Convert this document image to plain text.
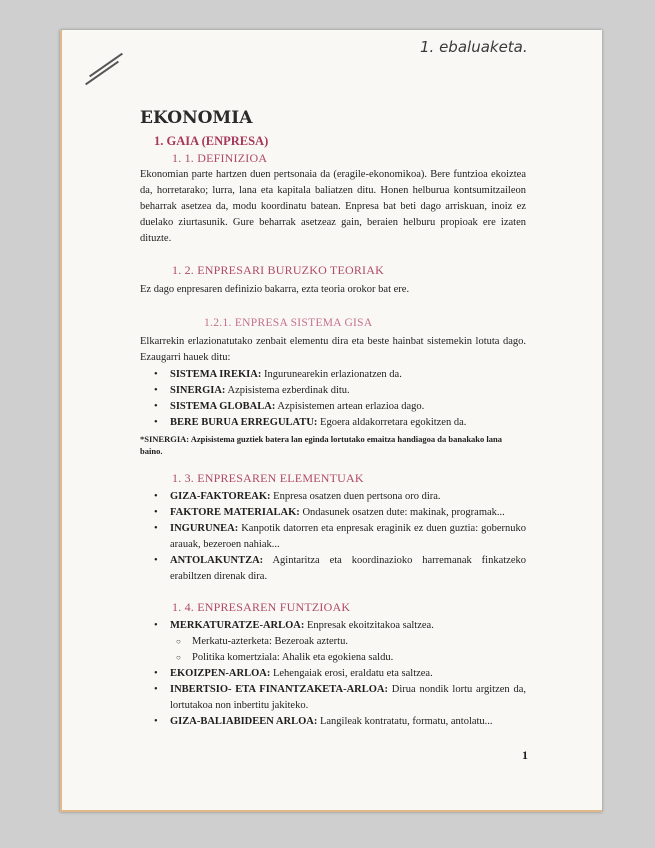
1. ebaluaketa.
EKONOMIA
1. GAIA (ENPRESA)
1. 1. DEFINIZIOA

Ekonomian parte hartzen duen pertsonaia da (eragile-ekonomikoa). Bere funtzioa ekoiztea da, horretarako; lurra, lana eta kapitala baliatzen ditu. Honen helburua kontsumitzaileon beharrak asetzea da, modu koordinatu batean. Enpresa bat beti dago arriskuan, inoiz ez duelako ziurtasunik. Gure beharrak asetzeaz gain, beraien helburu propioak ere izaten dituzte.

1. 2. ENPRESARI BURUZKO TEORIAK

Ez dago enpresaren definizio bakarra, ezta teoria orokor bat ere.

1.2.1. ENPRESA SISTEMA GISA

Elkarrekin erlazionatutako zenbait elementu dira eta beste hainbat sistemekin lotuta dago. Ezaugarri hauek ditu:

• SISTEMA IREKIA: Ingurunearekin erlazionatzen da.
• SINERGIA: Azpisistema ezberdinak ditu.
• SISTEMA GLOBALA: Azpisistemen artean erlazioa dago.
• BERE BURUA ERREGULATU: Egoera aldakorretara egokitzen da.
*SINERGIA: Azpisistema guztiek batera lan eginda lortutako emaitza handiagoa da banakako lana baino.
1. 3. ENPRESAREN ELEMENTUAK
• GIZA-FAKTOREAK: Enpresa osatzen duen pertsona oro dira.
• FAKTORE MATERIALAK: Ondasunek osatzen dute: makinak, programak...
• INGURUNEA: Kanpotik datorren eta enpresak eraginik ez duen guztia: gobernuko arauak, bezeroen nahiak...
• ANTOLAKUNTZA: Agintaritza eta koordinazioko harremanak finkatzeko erabiltzen direnak dira.
1. 4. ENPRESAREN FUNTZIOAK
• MERKATURATZE-ARLOA: Enpresak ekoitzitakoa saltzea.
○ Merkatu-azterketa: Bezeroak aztertu.
○ Politika komertziala: Ahalik eta egokiena saldu.
• EKOIZPEN-ARLOA: Lehengaiak erosi, eraldatu eta saltzea.
• INBERTSIO- ETA FINANTZAKETA-ARLOA: Dirua nondik lortu argitzen da, lortutakoa non inbertitu jakiteko.
• GIZA-BALIABIDEEN ARLOA: Langileak kontratatu, formatu, antolatu...
1
